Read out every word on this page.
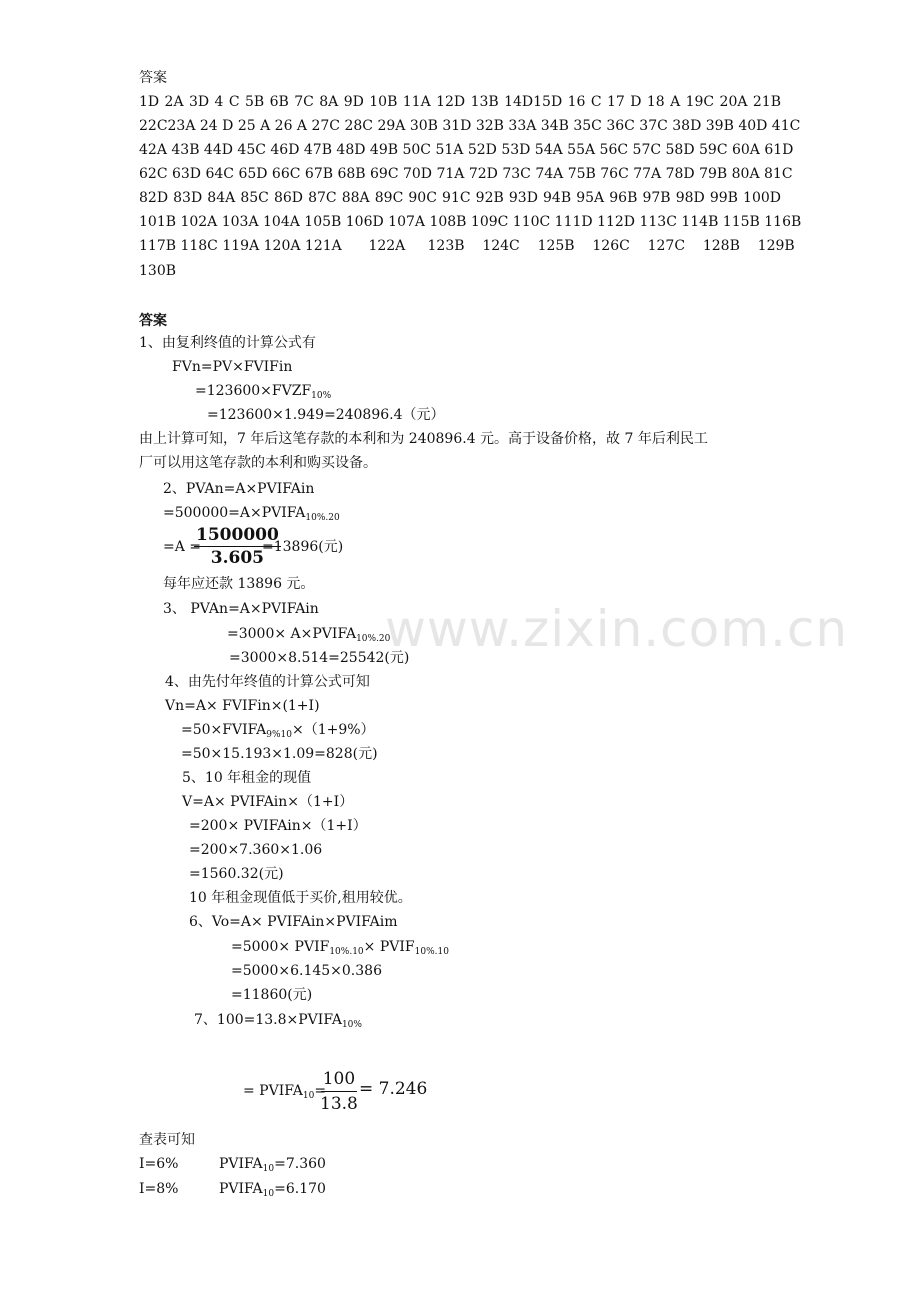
www.zixin.com.cn
答案
1D 2A 3D 4 C 5B 6B 7C 8A 9D 10B 11A 12D 13B 14D15D 16 C 17 D 18 A 19C 20A 21B
22C23A 24 D 25 A 26 A 27C 28C 29A 30B 31D 32B 33A 34B 35C 36C 37C 38D 39B 40D 41C
42A 43B 44D 45C 46D 47B 48D 49B 50C 51A 52D 53D 54A 55A 56C 57C 58D 59C 60A 61D
62C 63D 64C 65D 66C 67B 68B 69C 70D 71A 72D 73C 74A 75B 76C 77A 78D 79B 80A 81C
82D 83D 84A 85C 86D 87C 88A 89C 90C 91C 92B 93D 94B 95A 96B 97B 98D 99B 100D
101B 102A 103A 104A 105B 106D 107A 108B 109C 110C 111D 112D 113C 114B 115B 116B
117B 118C 119A 120A 121A      122A     123B    124C    125B    126C    127C    128B    129B
130B
答案
1、由复利终值的计算公式有
FVn=PV×FVIFin
$=123600\times FVZF_{10\%}$
=123600×1.949=240896.4（元）
由上计算可知，7 年后这笔存款的本利和为 240896.4 元。高于设备价格，故 7 年后利民工
厂可以用这笔存款的本利和购买设备。
2、PVAn=A×PVIFAin
$=500000=A\times PVIFA_{10\%.20}$
=A =
$\frac{1500000}{3.605}$
=13896(元)
每年应还款 13896 元。
3、 PVAn=A×PVIFAin
$=3000\times A\times PVIFA_{10\%.20}$
=3000×8.514=25542(元)
4、由先付年终值的计算公式可知
Vn=A× FVIFin×(1+I)
$=50\times FVIFA_{9\%10}\times(1+9\%)$
=50×15.193×1.09=828(元)
5、10 年租金的现值
V=A× PVIFAin×（1+I）
=200× PVIFAin×（1+I）
=200×7.360×1.06
=1560.32(元)
10 年租金现值低于买价,租用较优。
6、Vo=A× PVIFAin×PVIFAim
$=5000\times PVIF_{10\%.10}\times$ $PVIF_{10\%.10}$
=5000×6.145×0.386
=11860(元)
7、$100=13.8\times PVIFA_{10\%}$
= $PVIFA_{10}=$
$\frac{100}{13.8} = 7.246$
查表可知
I=6%	$PVIFA_{10}=7.360$
I=8%	$PVIFA_{10}=6.170$
